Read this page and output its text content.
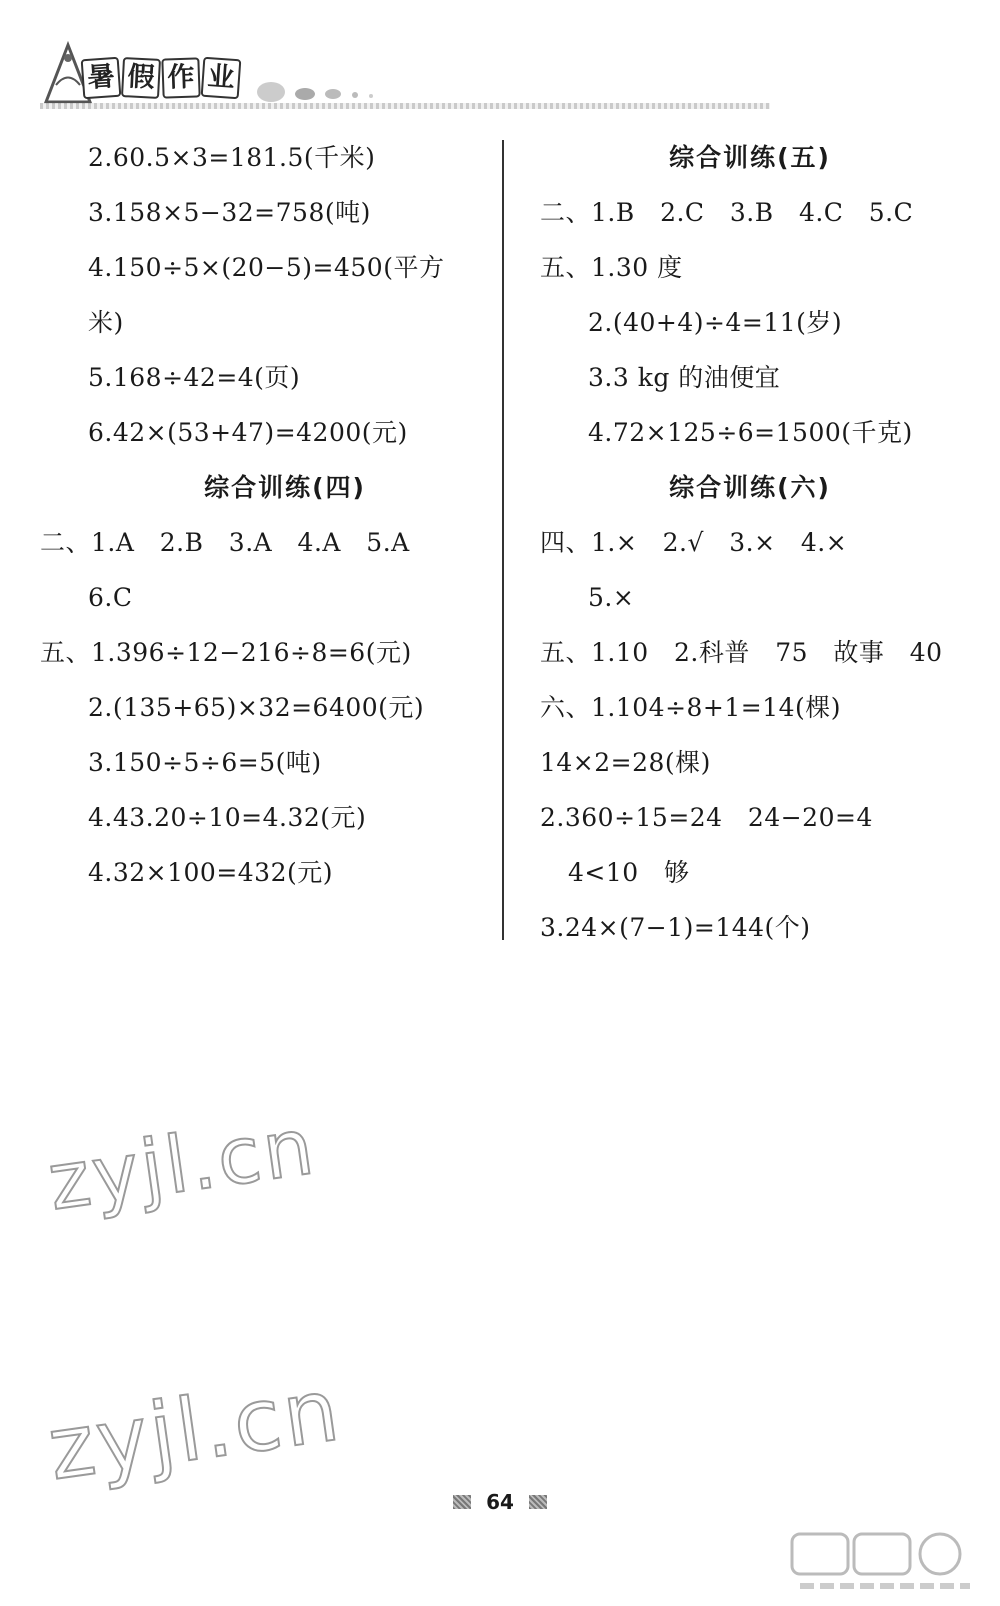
暑 假 作 业
2.60.5×3=181.5(千米)
3.158×5−32=758(吨)
4.150÷5×(20−5)=450(平方
米)
5.168÷42=4(页)
6.42×(53+47)=4200(元)
综合训练(四)
二、1.A   2.B   3.A   4.A   5.A
6.C
五、1.396÷12−216÷8=6(元)
2.(135+65)×32=6400(元)
3.150÷5÷6=5(吨)
4.43.20÷10=4.32(元)
4.32×100=432(元)
综合训练(五)
二、1.B   2.C   3.B   4.C   5.C
五、1.30 度
2.(40+4)÷4=11(岁)
3.3 kg 的油便宜
4.72×125÷6=1500(千克)
综合训练(六)
四、1.×   2.√   3.×   4.×
5.×
五、1.10   2.科普   75   故事   40
六、1.104÷8+1=14(棵)
14×2=28(棵)
2.360÷15=24   24−20=4
4<10   够
3.24×(7−1)=144(个)
zyjl.cn
zyjl.cn
64
